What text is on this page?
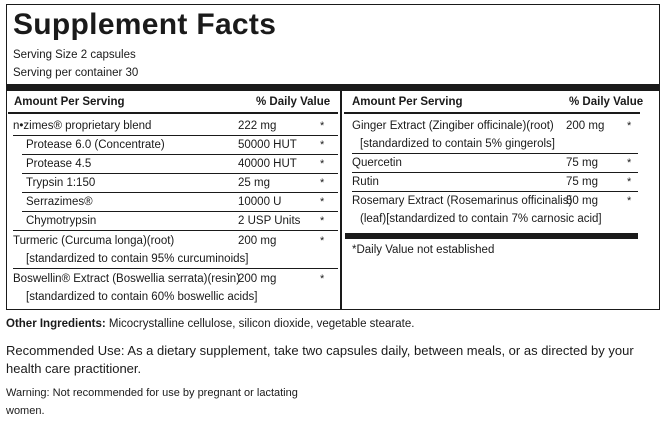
Supplement Facts
Serving Size 2 capsules
Serving per container 30
Amount Per Serving	% Daily Value
n•zimes® proprietary blend	222 mg	*
Protease 6.0 (Concentrate)	50000 HUT *
Protease 4.5	40000 HUT *
Trypsin 1:150	25 mg	*
Serrazimes®	10000 U	*
Chymotrypsin	2 USP Units *
Turmeric (Curcuma longa)(root)	200 mg	*
[standardized to contain 95% curcuminoids]
Boswellin® Extract (Boswellia serrata)(resin)
200 mg	*
[standardized to contain 60% boswellic acids]
Amount Per Serving	% Daily Value
Ginger Extract (Zingiber officinale)(root) 200 mg *
[standardized to contain 5% gingerols]
Quercetin	75 mg	*
Rutin	75 mg	*
Rosemary Extract (Rosemarinus officinalis)
50 mg	*
(leaf)[standardized to contain 7% carnosic acid]
*Daily Value not established
Other Ingredients: Micocrystalline cellulose, silicon dioxide, vegetable stearate.
Recommended Use: As a dietary supplement, take two capsules daily, between meals, or as directed by your health care practitioner.
Warning: Not recommended for use by pregnant or lactating women.
